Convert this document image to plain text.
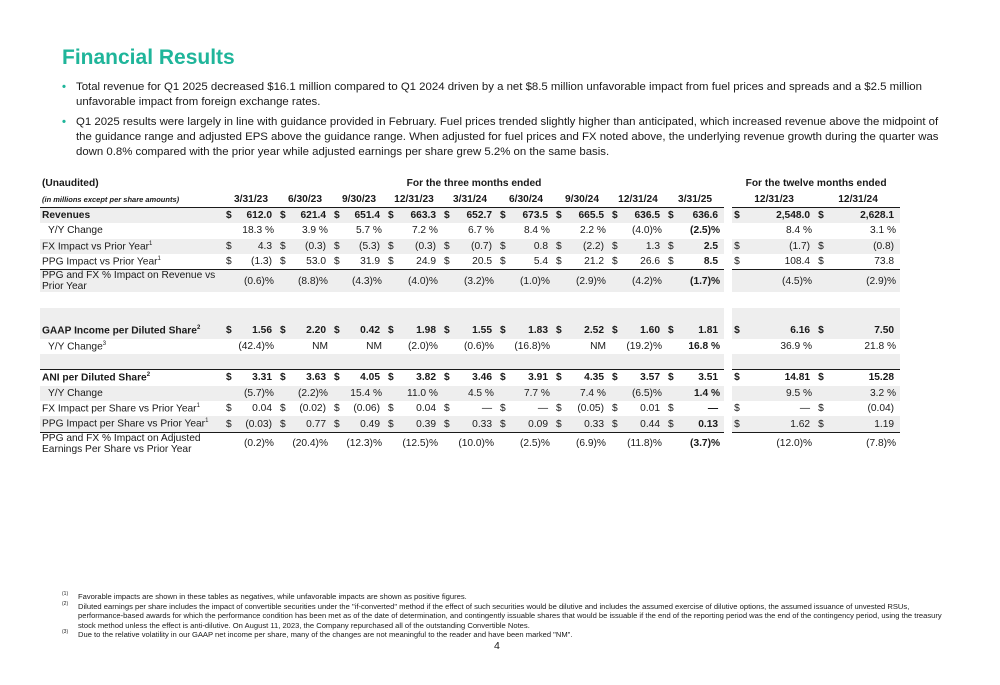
Financial Results
• Total revenue for Q1 2025 decreased $16.1 million compared to Q1 2024 driven by a net $8.5 million unfavorable impact from fuel prices and spreads and a $2.5 million unfavorable impact from foreign exchange rates.
• Q1 2025 results were largely in line with guidance provided in February. Fuel prices trended slightly higher than anticipated, which increased revenue above the midpoint of the guidance range and adjusted EPS above the guidance range. When adjusted for fuel prices and FX noted above, the underlying revenue growth during the quarter was down 0.8% compared with the prior year while adjusted earnings per share grew 5.2% on the same basis.
(Unaudited)	For the three months ended										For the twelve months ended	
(in millions except per share amounts)	3/31/23	6/30/23	9/30/23	12/31/23	3/31/24	6/30/24	9/30/24	12/31/24	3/31/25		12/31/23	12/31/24
Revenues	$ 612.0	$ 621.4	$ 651.4	$ 663.3	$ 652.7	$ 673.5	$ 665.5	$ 636.5	$ 636.6		$ 2,548.0	$ 2,628.1
Y/Y Change	18.3 %	3.9 %	5.7 %	7.2 %	6.7 %	8.4 %	2.2 %	(4.0)%	(2.5)%		8.4 %	3.1 %
FX Impact vs Prior Year$^1$	$ 4.3	$ (0.3)	$ (5.3)	$ (0.3)	$ (0.7)	$ 0.8	$ (2.2)	$ 1.3	$ 2.5		$ (1.7)	$ (0.8)
PPG Impact vs Prior Year$^1$	$ (1.3)	$ 53.0	$ 31.9	$ 24.9	$ 20.5	$ 5.4	$ 21.2	$ 26.6	$ 8.5		$ 108.4	$ 73.8
PPG and FX % Impact on Revenue vs Prior Year	(0.6)%	(8.8)%	(4.3)%	(4.0)%	(3.2)%	(1.0)%	(2.9)%	(4.2)%	(1.7)%		(4.5)%	(2.9)%

GAAP Income per Diluted Share$^2$	$ 1.56	$ 2.20	$ 0.42	$ 1.98	$ 1.55	$ 1.83	$ 2.52	$ 1.60	$ 1.81		$ 6.16	$ 7.50
Y/Y Change$^3$	(42.4)%	NM	NM	(2.0)%	(0.6)%	(16.8)%	NM	(19.2)%	16.8 %		36.9 %	21.8 %

ANI per Diluted Share$^2$	$ 3.31	$ 3.63	$ 4.05	$ 3.82	$ 3.46	$ 3.91	$ 4.35	$ 3.57	$ 3.51		$ 14.81	$ 15.28
Y/Y Change	(5.7)%	(2.2)%	15.4 %	11.0 %	4.5 %	7.7 %	7.4 %	(6.5)%	1.4 %		9.5 %	3.2 %
FX Impact per Share vs Prior Year$^1$	$ 0.04	$ (0.02)	$ (0.06)	$ 0.04	$ —	$ —	$ (0.05)	$ 0.01	$ —		$ —	$ (0.04)
PPG Impact per Share vs Prior Year$^1$	$ (0.03)	$ 0.77	$ 0.49	$ 0.39	$ 0.33	$ 0.09	$ 0.33	$ 0.44	$ 0.13		$ 1.62	$ 1.19
PPG and FX % Impact on Adjusted Earnings Per Share vs Prior Year	(0.2)%	(20.4)%	(12.3)%	(12.5)%	(10.0)%	(2.5)%	(6.9)%	(11.8)%	(3.7)%		(12.0)%	(7.8)%
(1) Favorable impacts are shown in these tables as negatives, while unfavorable impacts are shown as positive figures.
(2) Diluted earnings per share includes the impact of convertible securities under the "if-converted" method if the effect of such securities would be dilutive and includes the assumed exercise of dilutive options, the assumed issuance of unvested RSUs, performance-based awards for which the performance condition has been met as of the date of determination, and contingently issuable shares that would be issuable if the end of the reporting period was the end of the contingency period, using the treasury stock method unless the effect is anti-dilutive. On August 11, 2023, the Company repurchased all of the outstanding Convertible Notes.
(3) Due to the relative volatility in our GAAP net income per share, many of the changes are not meaningful to the reader and have been marked "NM".
4
